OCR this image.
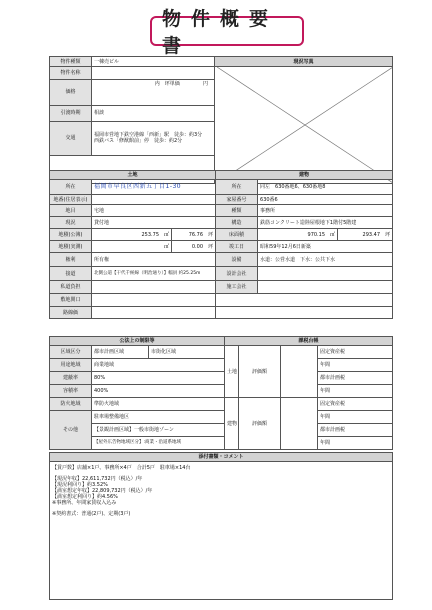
物件概要書
物件種類	一棟売ビル	現況写真
物件名称		

価格	内　坪単価 円	

引渡時期	相談	
交通	福岡市営地下鉄空港線「西新」駅　徒歩：約3分
西鉄バス「修猷館前」停　徒歩：約2分	

土地			建物		
所在	福岡市早良区西新五丁目1-30		所在	同左　630番地6、630番地8	
地番(住居表示)			家屋番号	630番6	
地目	宅地		種類	事務所	
現況	貸付地		構造	鉄筋コンクリート造陸屋根地下1階付5階建	
地積(公簿)	253.75　㎡	76.76　坪	床面積	970.15　㎡	293.47　坪
地積(実測)	㎡	0.00　坪	竣工日	昭和59年12月6日新築	
権利	所有権		設備	水道：公営水道　下水：公共下水	
接道	北側公道【干代千候線（明治通り）】幅員 約25.25m		設計会社		
私道負担			施工会社		
敷地関口					
路線価					
公法上の制限等			課税台帳			
区域区分	都市計画区域	市街化区域	土地	評価額		固定資産税
用途地域	商業地域					年間
建蔽率	80%					都市計画税
容積率	400%					年間
防火地域	準防火地域		建物	評価額		固定資産税
その他	駐車場整備地区					年間
	【景観計画区域】一般市街地ゾーン					都市計画税
	【屋外広告物地域区分】:商業・沿道系地域					年間
添付書類・コメント

【賃戸数】店舗×1戸、事務所×4戸　合計5戸　駐車場×14台
【現況年収】22,611,732円（税込）/年
【現況利回り】約3.52%
【満室想定年収】22,809,732円（税込）/年
【満室想定利回り】約4.56%
※事務所、年間家賃収入込み
※契約書式：普通(2戸)、定期(3戸)
